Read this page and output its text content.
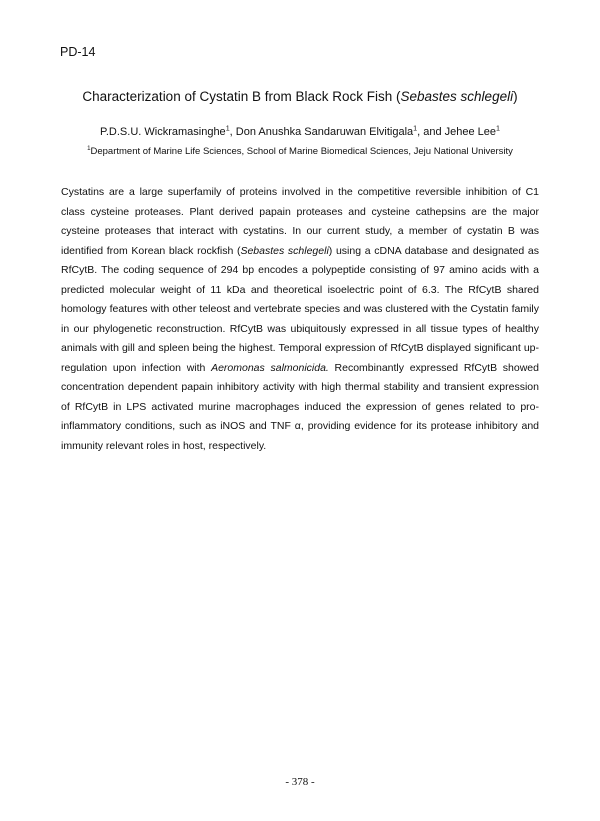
PD-14
Characterization of Cystatin B from Black Rock Fish (Sebastes schlegeli)
P.D.S.U. Wickramasinghe$^1$, Don Anushka Sandaruwan Elvitigala$^1$, and Jehee Lee$^1$
$^1$Department of Marine Life Sciences, School of Marine Biomedical Sciences, Jeju National University

Cystatins are a large superfamily of proteins involved in the competitive reversible inhibition of C1 class cysteine proteases. Plant derived papain proteases and cysteine cathepsins are the major cysteine proteases that interact with cystatins. In our current study, a member of cystatin B was identified from Korean black rockfish (Sebastes schlegeli) using a cDNA database and designated as RfCytB. The coding sequence of 294 bp encodes a polypeptide consisting of 97 amino acids with a predicted molecular weight of 11 kDa and theoretical isoelectric point of 6.3. The RfCytB shared homology features with other teleost and vertebrate species and was clustered with the Cystatin family in our phylogenetic reconstruction. RfCytB was ubiquitously expressed in all tissue types of healthy animals with gill and spleen being the highest. Temporal expression of RfCytB displayed significant up-regulation upon infection with Aeromonas salmonicida. Recombinantly expressed RfCytB showed concentration dependent papain inhibitory activity with high thermal stability and transient expression of RfCytB in LPS activated murine macrophages induced the expression of genes related to pro-inflammatory conditions, such as iNOS and TNF α, providing evidence for its protease inhibitory and immunity relevant roles in host, respectively.

- 378 -
